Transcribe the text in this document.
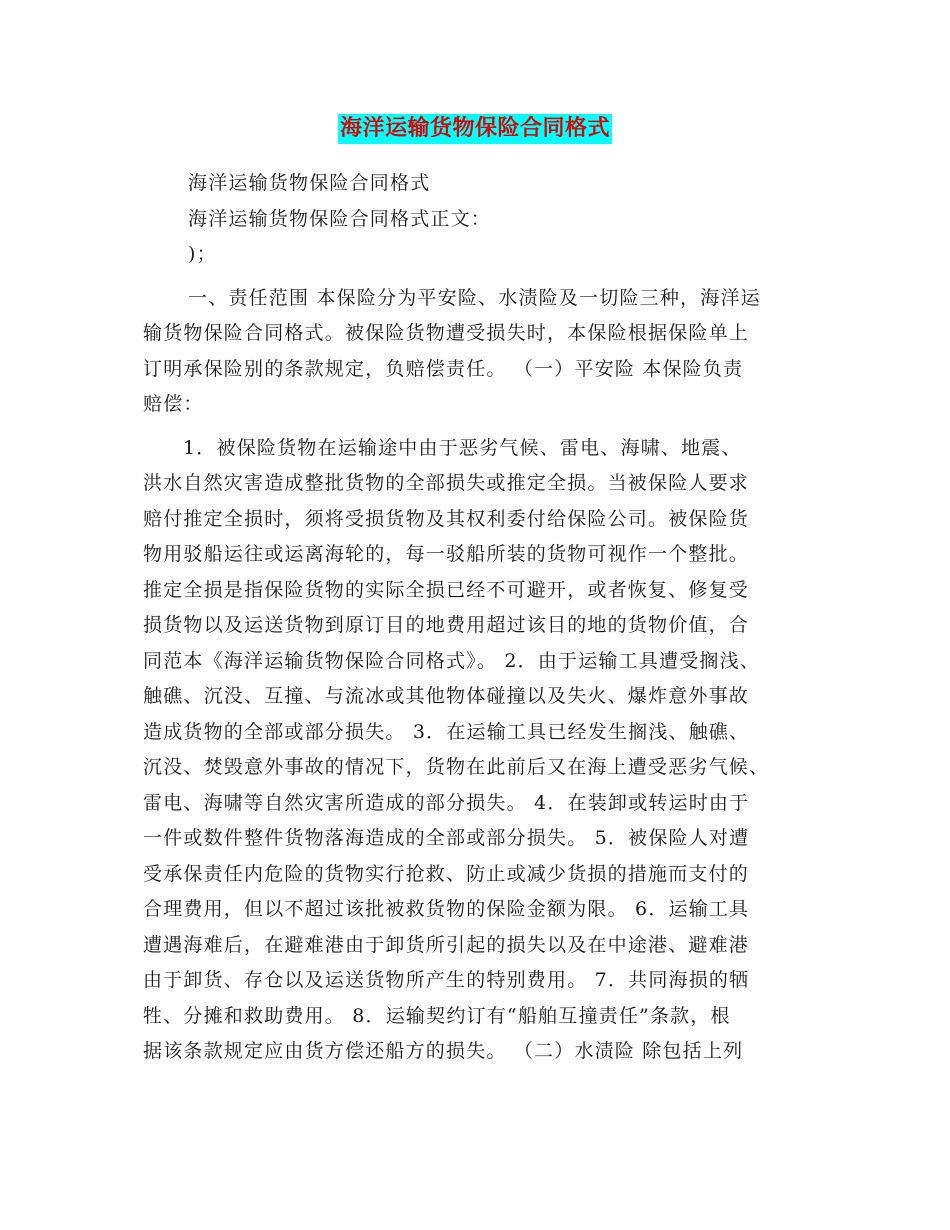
海洋运输货物保险合同格式
海洋运输货物保险合同格式
海洋运输货物保险合同格式正文：
)；
一、责任范围 本保险分为平安险、水渍险及一切险三种，海洋运
输货物保险合同格式。被保险货物遭受损失时，本保险根据保险单上
订明承保险别的条款规定，负赔偿责任。 （一）平安险 本保险负责
赔偿：
1．被保险货物在运输途中由于恶劣气候、雷电、海啸、地震、
洪水自然灾害造成整批货物的全部损失或推定全损。当被保险人要求
赔付推定全损时，须将受损货物及其权利委付给保险公司。被保险货
物用驳船运往或运离海轮的，每一驳船所装的货物可视作一个整批。
推定全损是指保险货物的实际全损已经不可避开，或者恢复、修复受
损货物以及运送货物到原订目的地费用超过该目的地的货物价值，合
同范本《海洋运输货物保险合同格式》。 2．由于运输工具遭受搁浅、
触礁、沉没、互撞、与流冰或其他物体碰撞以及失火、爆炸意外事故
造成货物的全部或部分损失。 3．在运输工具已经发生搁浅、触礁、
沉没、焚毁意外事故的情况下，货物在此前后又在海上遭受恶劣气候、
雷电、海啸等自然灾害所造成的部分损失。 4．在装卸或转运时由于
一件或数件整件货物落海造成的全部或部分损失。 5．被保险人对遭
受承保责任内危险的货物实行抢救、防止或减少货损的措施而支付的
合理费用，但以不超过该批被救货物的保险金额为限。 6．运输工具
遭遇海难后，在避难港由于卸货所引起的损失以及在中途港、避难港
由于卸货、存仓以及运送货物所产生的特别费用。 7．共同海损的牺
牲、分摊和救助费用。 8．运输契约订有“船舶互撞责任”条款，根
据该条款规定应由货方偿还船方的损失。 （二）水渍险 除包括上列
